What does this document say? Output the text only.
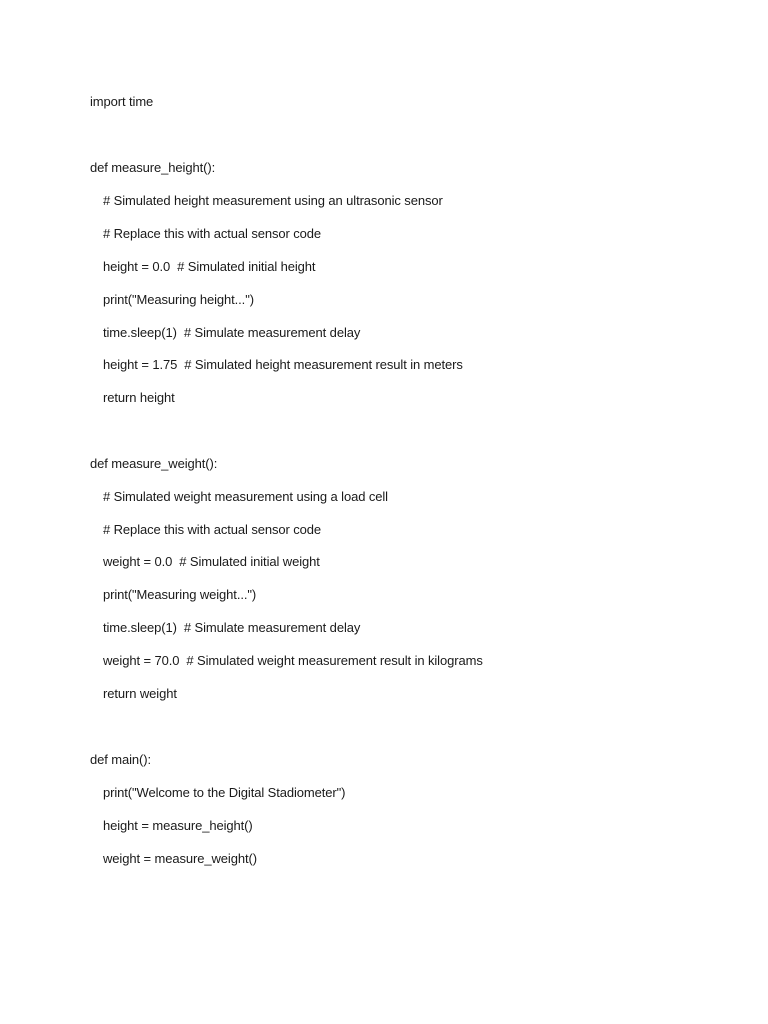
import time
def measure_height():
# Simulated height measurement using an ultrasonic sensor
# Replace this with actual sensor code
height = 0.0  # Simulated initial height
print("Measuring height...")
time.sleep(1)  # Simulate measurement delay
height = 1.75  # Simulated height measurement result in meters
return height
def measure_weight():
# Simulated weight measurement using a load cell
# Replace this with actual sensor code
weight = 0.0  # Simulated initial weight
print("Measuring weight...")
time.sleep(1)  # Simulate measurement delay
weight = 70.0  # Simulated weight measurement result in kilograms
return weight
def main():
print("Welcome to the Digital Stadiometer")
height = measure_height()
weight = measure_weight()
